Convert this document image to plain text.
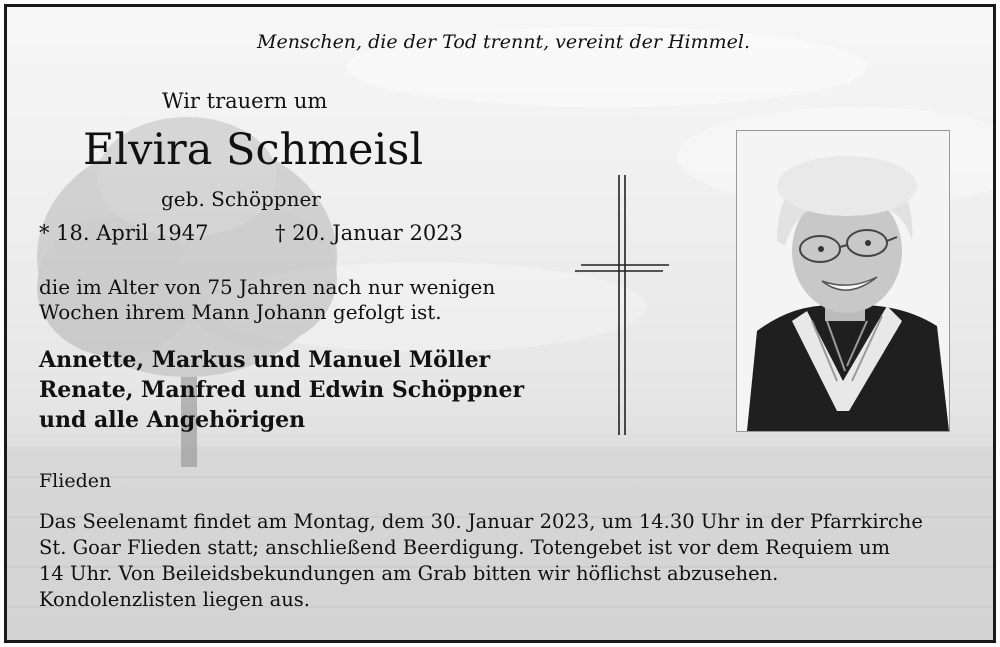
Menschen, die der Tod trennt, vereint der Himmel.
Wir trauern um
Elvira Schmeisl
geb. Schöppner
* 18. April 1947	† 20. Januar 2023
die im Alter von 75 Jahren nach nur wenigen
Wochen ihrem Mann Johann gefolgt ist.
Annette, Markus und Manuel Möller
Renate, Manfred und Edwin Schöppner
und alle Angehörigen
Flieden
Das Seelenamt findet am Montag, dem 30. Januar 2023, um 14.30 Uhr in der Pfarrkirche
St. Goar Flieden statt; anschließend Beerdigung. Totengebet ist vor dem Requiem um
14 Uhr. Von Beileidsbekundungen am Grab bitten wir höflichst abzusehen.
Kondolenzlisten liegen aus.
